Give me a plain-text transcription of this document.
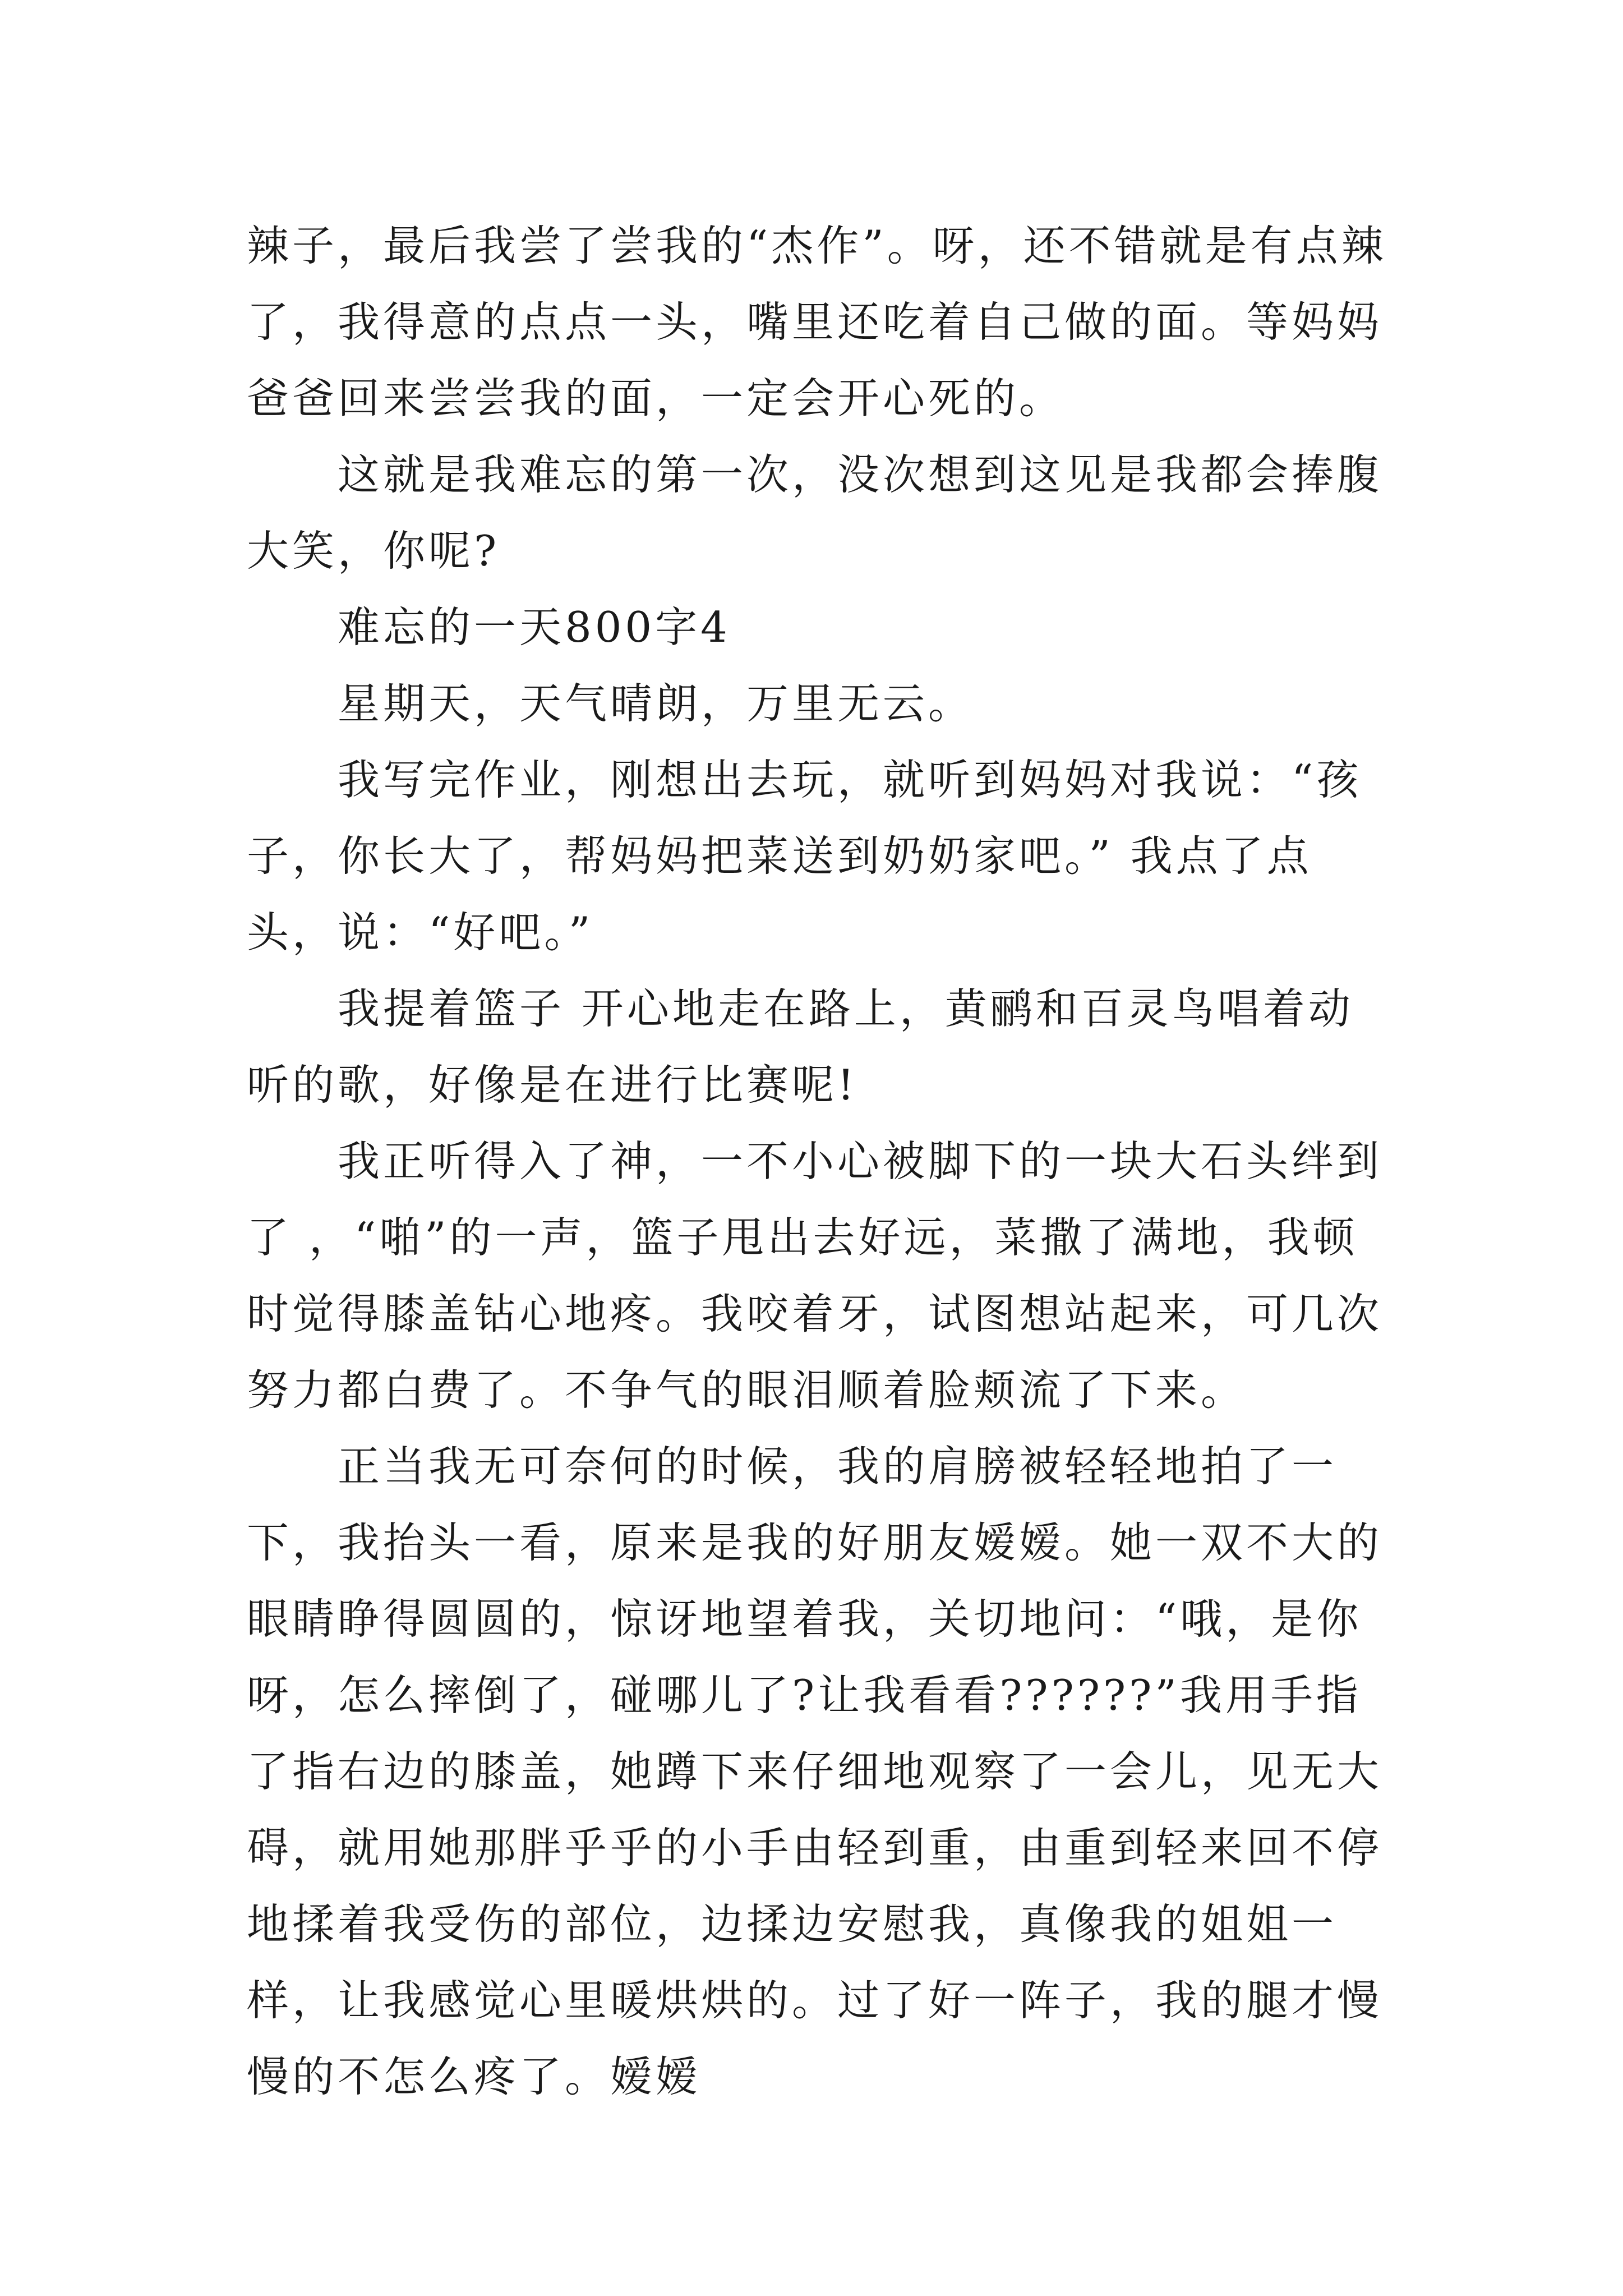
辣子，最后我尝了尝我的“杰作”。呀，还不错就是有点辣了，我得意的点点一头，嘴里还吃着自己做的面。等妈妈爸爸回来尝尝我的面，一定会开心死的。

这就是我难忘的第一次，没次想到这见是我都会捧腹大笑，你呢?

难忘的一天800字4

星期天，天气晴朗，万里无云。

我写完作业，刚想出去玩，就听到妈妈对我说：“孩子，你长大了，帮妈妈把菜送到奶奶家吧。” 我点了点头，说：“好吧。”

我提着篮子 开心地走在路上，黄鹂和百灵鸟唱着动听的歌，好像是在进行比赛呢!

我正听得入了神，一不小心被脚下的一块大石头绊到了 ，“啪”的一声，篮子甩出去好远，菜撒了满地，我顿时觉得膝盖钻心地疼。我咬着牙，试图想站起来，可几次努力都白费了。不争气的眼泪顺着脸颊流了下来。

正当我无可奈何的时候，我的肩膀被轻轻地拍了一下，我抬头一看，原来是我的好朋友嫒嫒。她一双不大的眼睛睁得圆圆的，惊讶地望着我，关切地问：“哦，是你呀，怎么摔倒了，碰哪儿了?让我看看??????”我用手指了指右边的膝盖，她蹲下来仔细地观察了一会儿，见无大碍，就用她那胖乎乎的小手由轻到重，由重到轻来回不停地揉着我受伤的部位，边揉边安慰我，真像我的姐姐一样，让我感觉心里暖烘烘的。过了好一阵子，我的腿才慢慢的不怎么疼了。嫒嫒
